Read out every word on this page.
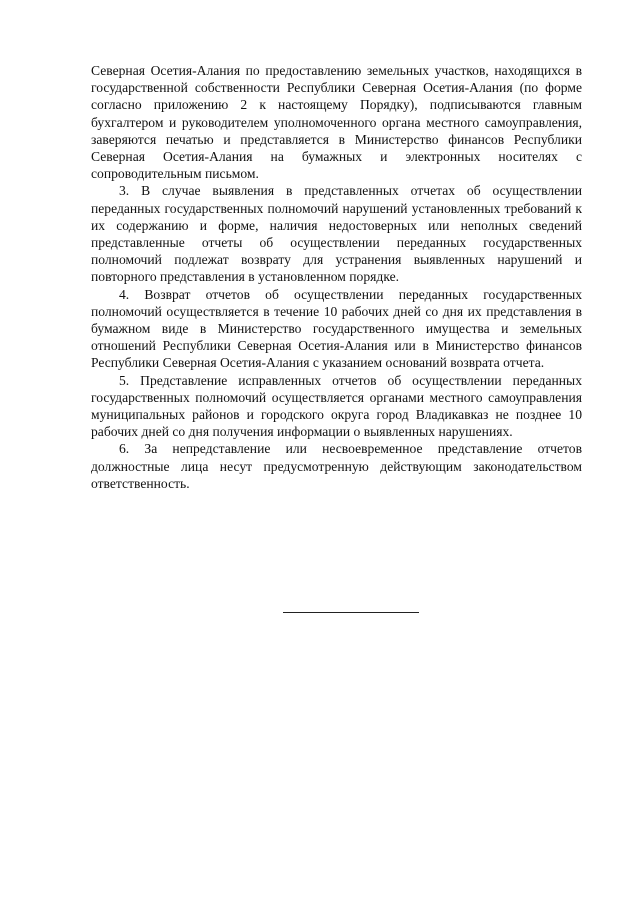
Северная Осетия-Алания по предоставлению земельных участков, находящихся в государственной собственности Республики Северная Осетия-Алания (по форме согласно приложению 2 к настоящему Порядку), подписываются главным бухгалтером и руководителем уполномоченного органа местного самоуправления, заверяются печатью и представляется в Министерство финансов Республики Северная Осетия-Алания на бумажных и электронных носителях с сопроводительным письмом.

3. В случае выявления в представленных отчетах об осуществлении переданных государственных полномочий нарушений установленных требований к их содержанию и форме, наличия недостоверных или неполных сведений представленные отчеты об осуществлении переданных государственных полномочий подлежат возврату для устранения выявленных нарушений и повторного представления в установленном порядке.

4. Возврат отчетов об осуществлении переданных государственных полномочий осуществляется в течение 10 рабочих дней со дня их представления в бумажном виде в Министерство государственного имущества и земельных отношений Республики Северная Осетия-Алания или в Министерство финансов Республики Северная Осетия-Алания с указанием оснований возврата отчета.

5. Представление исправленных отчетов об осуществлении переданных государственных полномочий осуществляется органами местного самоуправления муниципальных районов и городского округа город Владикавказ не позднее 10 рабочих дней со дня получения информации о выявленных нарушениях.

6. За непредставление или несвоевременное представление отчетов должностные лица несут предусмотренную действующим законодательством ответственность.
